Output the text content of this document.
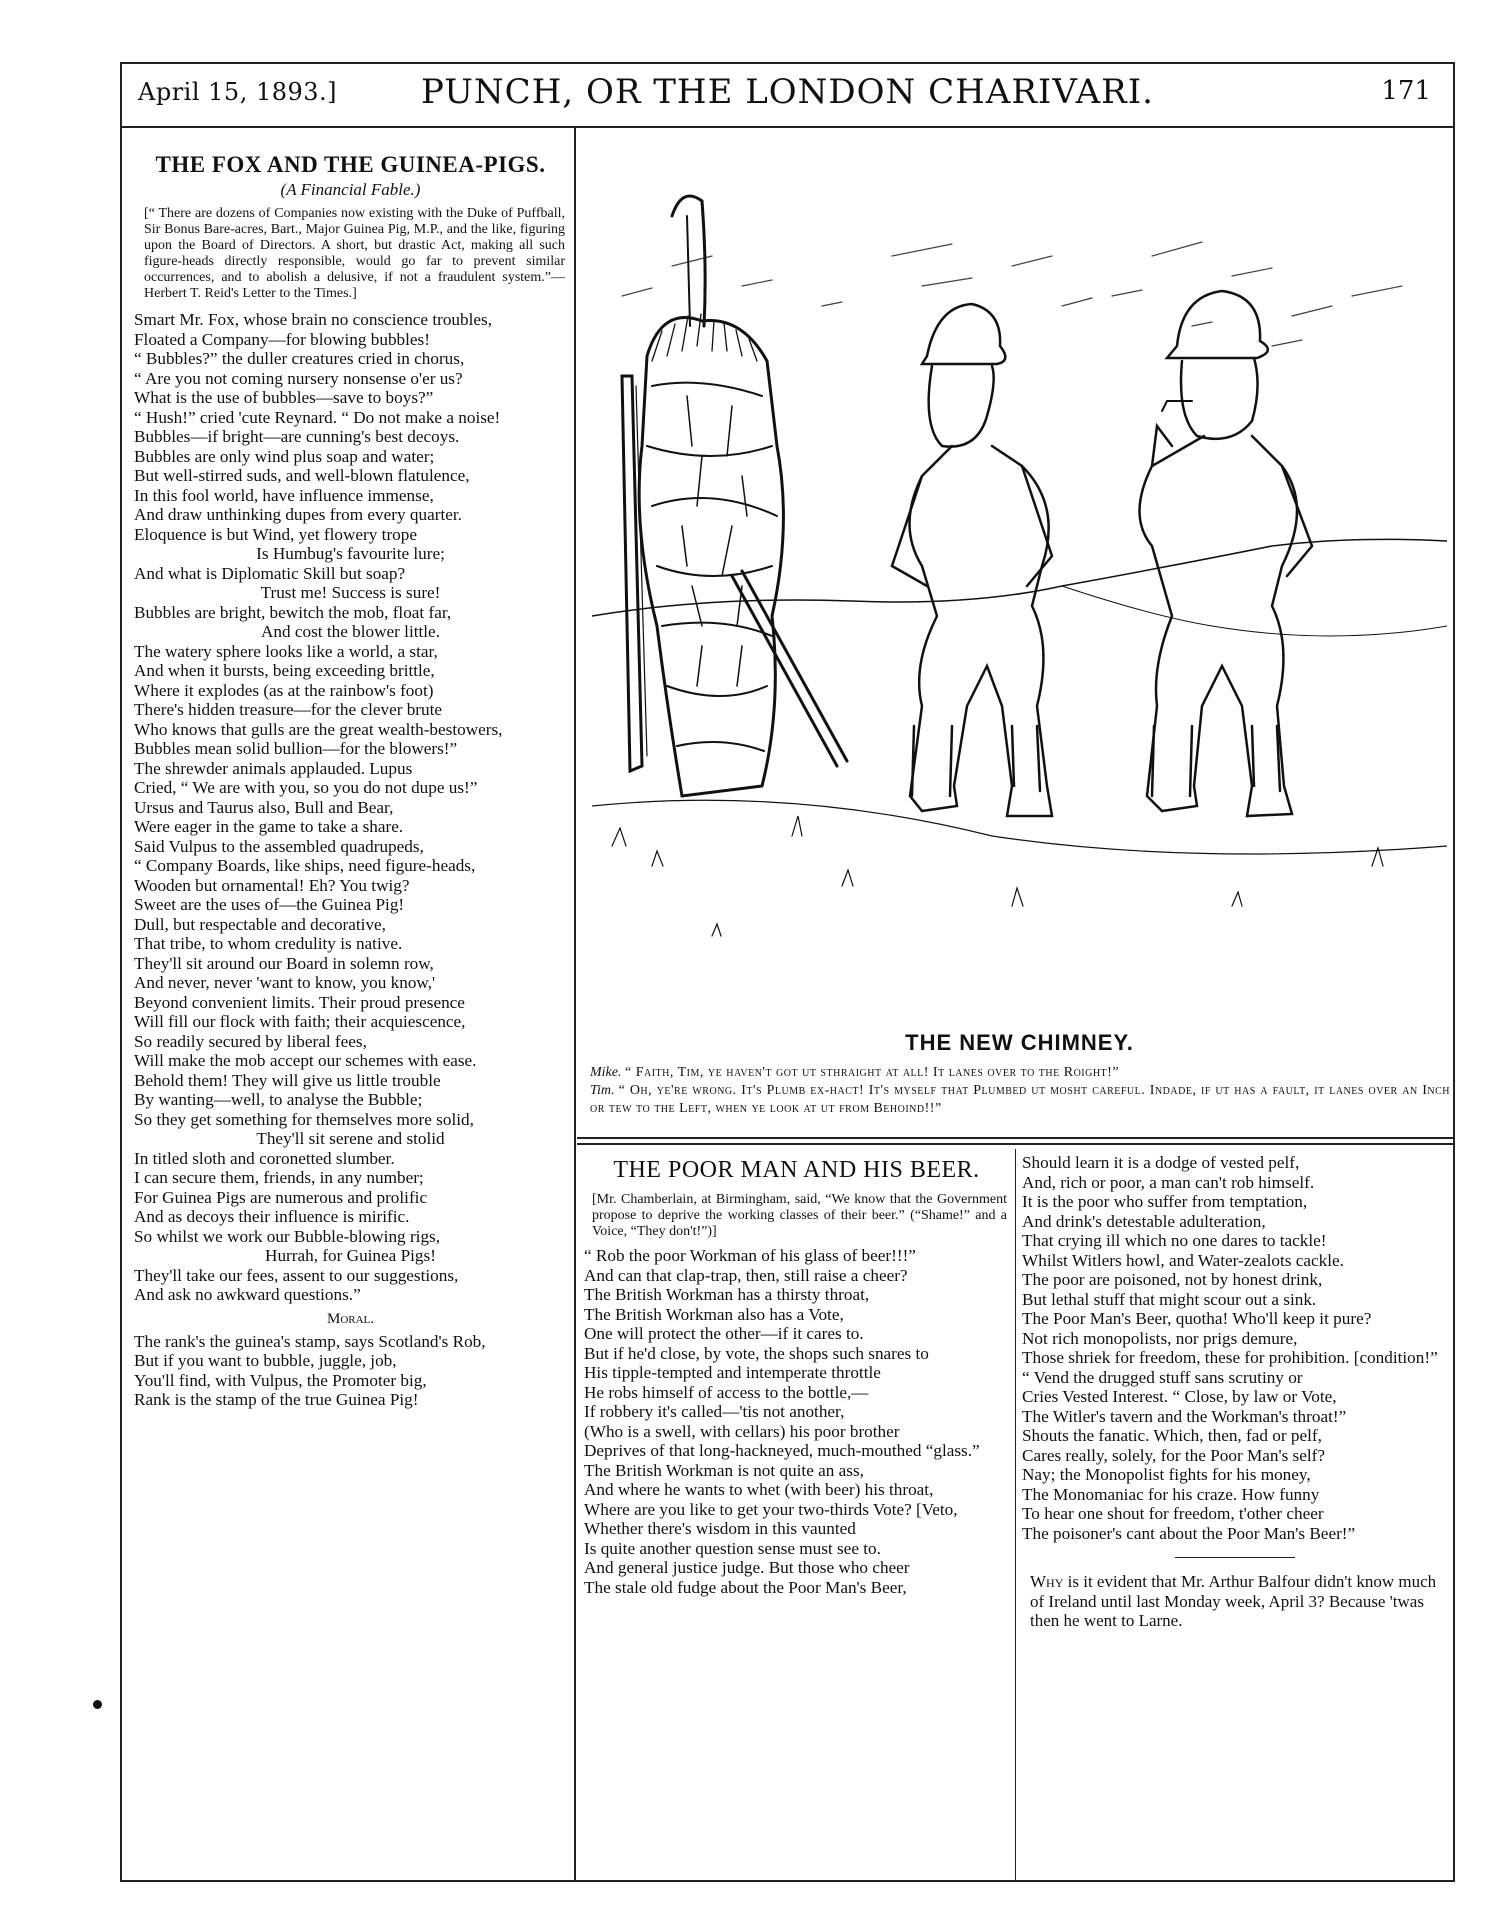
April 15, 1893.]	PUNCH, OR THE LONDON CHARIVARI.	171
THE FOX AND THE GUINEA-PIGS.
(A Financial Fable.)
[“ There are dozens of Companies now existing with the Duke of Puffball, Sir Bonus Bare-acres, Bart., Major Guinea Pig, M.P., and the like, figuring upon the Board of Directors. A short, but drastic Act, making all such figure-heads directly responsible, would go far to prevent similar occurrences, and to abolish a delusive, if not a fraudulent system.”—Herbert T. Reid's Letter to the Times.]

Smart Mr. Fox, whose brain no conscience troubles,

Floated a Company—for blowing bubbles!

“ Bubbles?” the duller creatures cried in chorus,

“ Are you not coming nursery nonsense o'er us?

What is the use of bubbles—save to boys?”

“ Hush!” cried 'cute Reynard. “ Do not make a noise!

Bubbles—if bright—are cunning's best decoys.

Bubbles are only wind plus soap and water;

But well-stirred suds, and well-blown flatulence,

In this fool world, have influence immense,

And draw unthinking dupes from every quarter.

Eloquence is but Wind, yet flowery trope

Is Humbug's favourite lure;

And what is Diplomatic Skill but soap?

Trust me! Success is sure!

Bubbles are bright, bewitch the mob, float far,

And cost the blower little.

The watery sphere looks like a world, a star,

And when it bursts, being exceeding brittle,

Where it explodes (as at the rainbow's foot)

There's hidden treasure—for the clever brute

Who knows that gulls are the great wealth-bestowers,

Bubbles mean solid bullion—for the blowers!”

The shrewder animals applauded. Lupus

Cried, “ We are with you, so you do not dupe us!”

Ursus and Taurus also, Bull and Bear,

Were eager in the game to take a share.

Said Vulpus to the assembled quadrupeds,

“ Company Boards, like ships, need figure-heads,

Wooden but ornamental! Eh? You twig?

Sweet are the uses of—the Guinea Pig!

Dull, but respectable and decorative,

That tribe, to whom credulity is native.

They'll sit around our Board in solemn row,

And never, never 'want to know, you know,'

Beyond convenient limits. Their proud presence

Will fill our flock with faith; their acquiescence,

So readily secured by liberal fees,

Will make the mob accept our schemes with ease.

Behold them! They will give us little trouble

By wanting—well, to analyse the Bubble;

So they get something for themselves more solid,

They'll sit serene and stolid

In titled sloth and coronetted slumber.

I can secure them, friends, in any number;

For Guinea Pigs are numerous and prolific

And as decoys their influence is mirific.

So whilst we work our Bubble-blowing rigs,

Hurrah, for Guinea Pigs!

They'll take our fees, assent to our suggestions,

And ask no awkward questions.”

Moral.

The rank's the guinea's stamp, says Scotland's Rob,

But if you want to bubble, juggle, job,

You'll find, with Vulpus, the Promoter big,

Rank is the stamp of the true Guinea Pig!

THE NEW CHIMNEY.
Mike. “ Faith, Tim, ye haven't got ut sthraight at all! It lanes over to the Roight!”
Tim. “ Oh, ye're wrong. It's Plumb ex-hact! It's myself that Plumbed ut mosht careful. Indade, if ut has a fault, it lanes over an Inch or tew to the Left, when ye look at ut from Behoind!!”
THE POOR MAN AND HIS BEER.
[Mr. Chamberlain, at Birmingham, said, “We know that the Government propose to deprive the working classes of their beer.” (“Shame!” and a Voice, “They don't!”)]

“ Rob the poor Workman of his glass of beer!!!”

And can that clap-trap, then, still raise a cheer?

The British Workman has a thirsty throat,

The British Workman also has a Vote,

One will protect the other—if it cares to.

But if he'd close, by vote, the shops such snares to

His tipple-tempted and intemperate throttle

He robs himself of access to the bottle,—

If robbery it's called—'tis not another,

(Who is a swell, with cellars) his poor brother

Deprives of that long-hackneyed, much-mouthed “glass.”

The British Workman is not quite an ass,

And where he wants to whet (with beer) his throat,

Where are you like to get your two-thirds Vote? [Veto,

Whether there's wisdom in this vaunted

Is quite another question sense must see to.

And general justice judge. But those who cheer

The stale old fudge about the Poor Man's Beer,

Should learn it is a dodge of vested pelf,

And, rich or poor, a man can't rob himself.

It is the poor who suffer from temptation,

And drink's detestable adulteration,

That crying ill which no one dares to tackle!

Whilst Witlers howl, and Water-zealots cackle.

The poor are poisoned, not by honest drink,

But lethal stuff that might scour out a sink.

The Poor Man's Beer, quotha! Who'll keep it pure?

Not rich monopolists, nor prigs demure,

Those shriek for freedom, these for prohibition. [condition!”

“ Vend the drugged stuff sans scrutiny or

Cries Vested Interest. “ Close, by law or Vote,

The Witler's tavern and the Workman's throat!”

Shouts the fanatic. Which, then, fad or pelf,

Cares really, solely, for the Poor Man's self?

Nay; the Monopolist fights for his money,

The Monomaniac for his craze. How funny

To hear one shout for freedom, t'other cheer

The poisoner's cant about the Poor Man's Beer!”

Why is it evident that Mr. Arthur Balfour didn't know much of Ireland until last Monday week, April 3? Because 'twas then he went to Larne.
